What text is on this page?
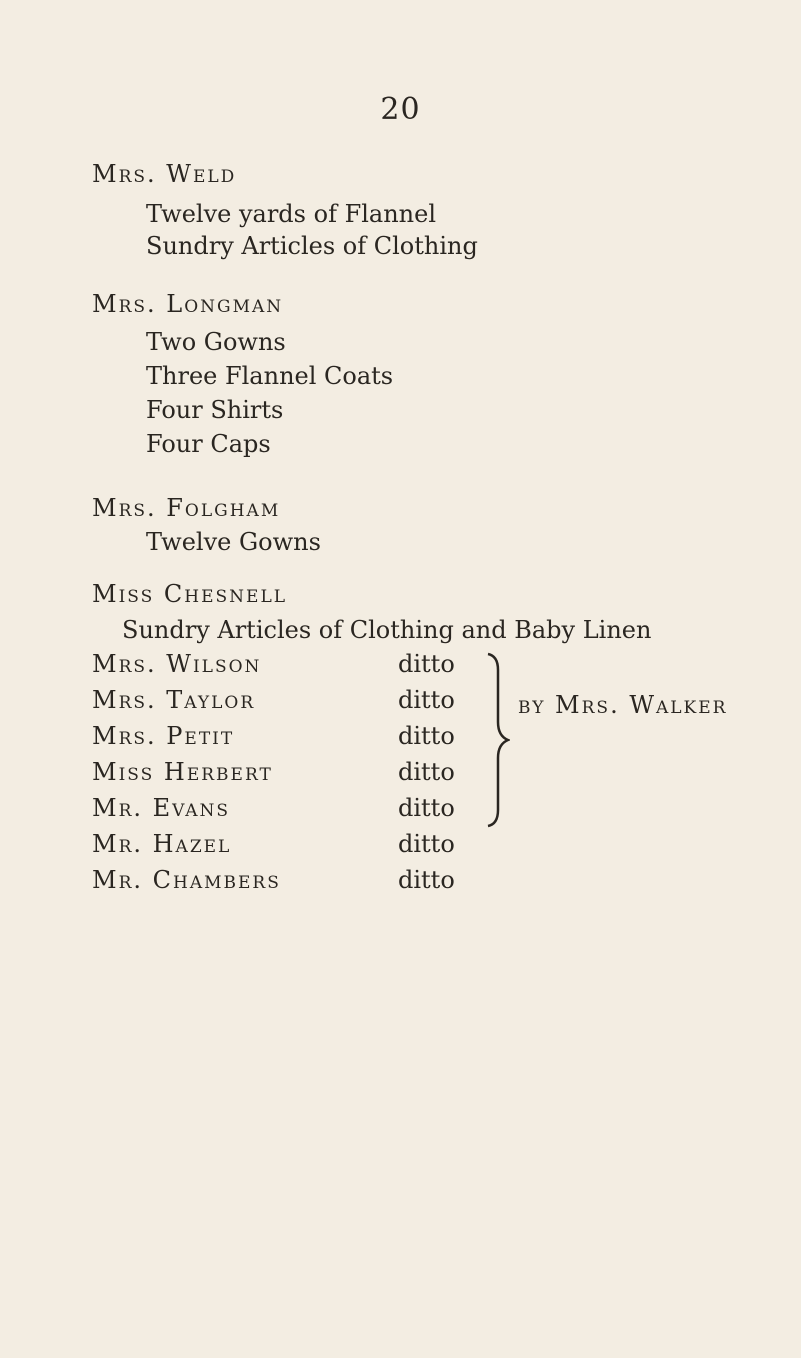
20
Mrs. Weld
Twelve yards of Flannel
Sundry Articles of Clothing
Mrs. Longman
Two Gowns
Three Flannel Coats
Four Shirts
Four Caps
Mrs. Folgham
Twelve Gowns
Miss Chesnell
Sundry Articles of Clothing and Baby Linen
Mrs. Wilson	ditto
Mrs. Taylor	ditto
Mrs. Petit	ditto
Miss Herbert	ditto
Mr. Evans	ditto
Mr. Hazel	ditto
Mr. Chambers	ditto
by Mrs. Walker
